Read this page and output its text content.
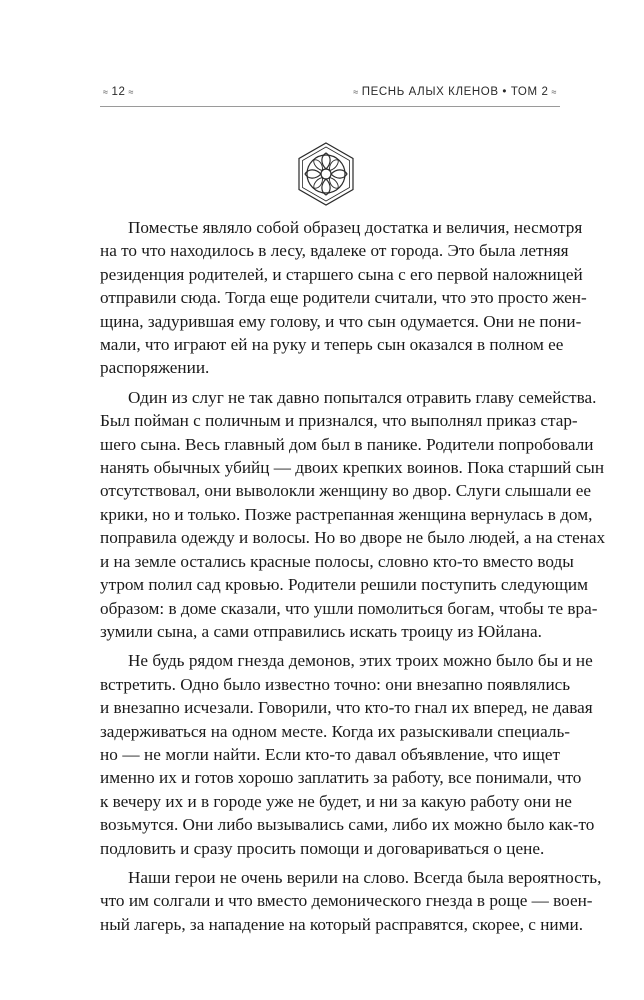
≈ 12 ≈	≈ ПЕСНЬ АЛЫХ КЛЕНОВ • ТОМ 2 ≈

Поместье являло собой образец достатка и величия, несмотря
на то что находилось в лесу, вдалеке от города. Это была летняя
резиденция родителей, и старшего сына с его первой наложницей
отправили сюда. Тогда еще родители считали, что это просто жен-
щина, задурившая ему голову, и что сын одумается. Они не пони-
мали, что играют ей на руку и теперь сын оказался в полном ее
распоряжении.

Один из слуг не так давно попытался отравить главу семейства.
Был пойман с поличным и признался, что выполнял приказ стар-
шего сына. Весь главный дом был в панике. Родители попробовали
нанять обычных убийц — двоих крепких воинов. Пока старший сын
отсутствовал, они выволокли женщину во двор. Слуги слышали ее
крики, но и только. Позже растрепанная женщина вернулась в дом,
поправила одежду и волосы. Но во дворе не было людей, а на стенах
и на земле остались красные полосы, словно кто-то вместо воды
утром полил сад кровью. Родители решили поступить следующим
образом: в доме сказали, что ушли помолиться богам, чтобы те вра-
зумили сына, а сами отправились искать троицу из Юйлана.

Не будь рядом гнезда демонов, этих троих можно было бы и не
встретить. Одно было известно точно: они внезапно появлялись
и внезапно исчезали. Говорили, что кто-то гнал их вперед, не давая
задерживаться на одном месте. Когда их разыскивали специаль-
но — не могли найти. Если кто-то давал объявление, что ищет
именно их и готов хорошо заплатить за работу, все понимали, что
к вечеру их и в городе уже не будет, и ни за какую работу они не
возьмутся. Они либо вызывались сами, либо их можно было как-то
подловить и сразу просить помощи и договариваться о цене.

Наши герои не очень верили на слово. Всегда была вероятность,
что им солгали и что вместо демонического гнезда в роще — воен-
ный лагерь, за нападение на который расправятся, скорее, с ними.
